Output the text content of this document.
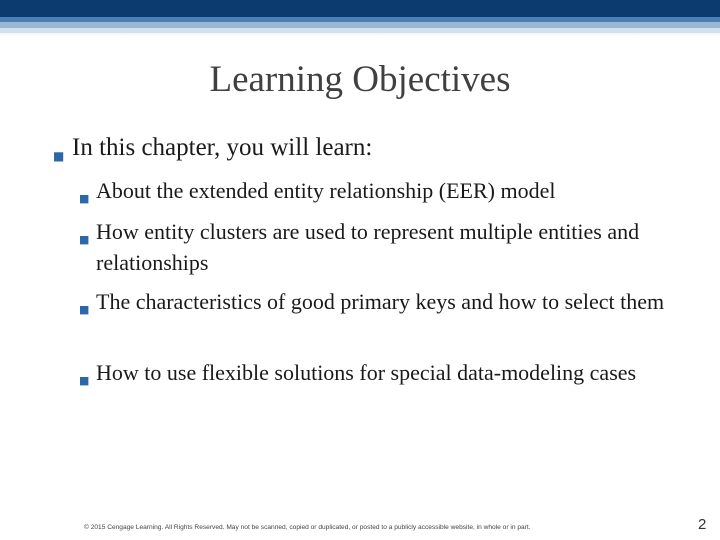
Learning Objectives
■ In this chapter, you will learn:
■ About the extended entity relationship (EER) model
■ How entity clusters are used to represent multiple entities and relationships
■ The characteristics of good primary keys and how to select them
■ How to use flexible solutions for special data-modeling cases
© 2015 Cengage Learning. All Rights Reserved. May not be scanned, copied or duplicated, or posted to a publicly accessible website, in whole or in part.	2
